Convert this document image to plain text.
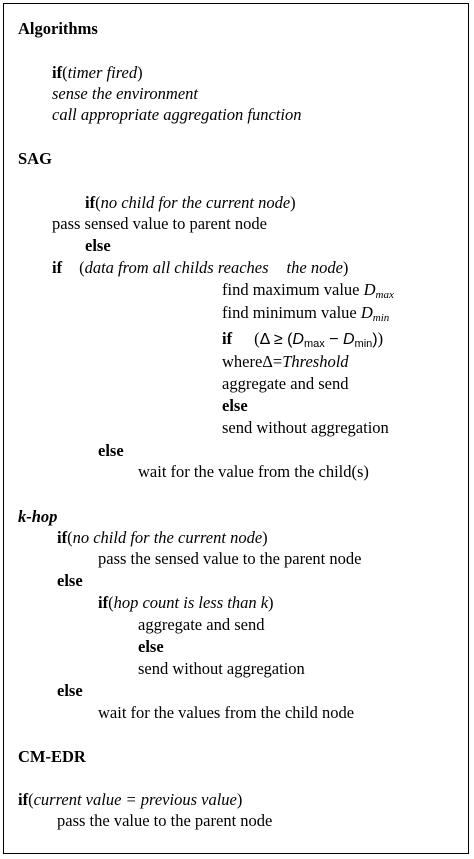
Algorithms
if(timer fired)
sense the environment
call appropriate aggregation function
SAG
if(no child for the current node)
pass sensed value to parent node
else
if (data from all childs reaches the node)
find maximum value $D_{max}$
find minimum value $D_{min}$
if $(\Delta \ge (D_{max} - D_{min}))$
whereΔ=Threshold
aggregate and send
else
send without aggregation
else
wait for the value from the child(s)
k-hop
if(no child for the current node)
pass the sensed value to the parent node
else
if(hop count is less than k)
aggregate and send
else
send without aggregation
else
wait for the values from the child node
CM-EDR
if(current value = previous value)
pass the value to the parent node
